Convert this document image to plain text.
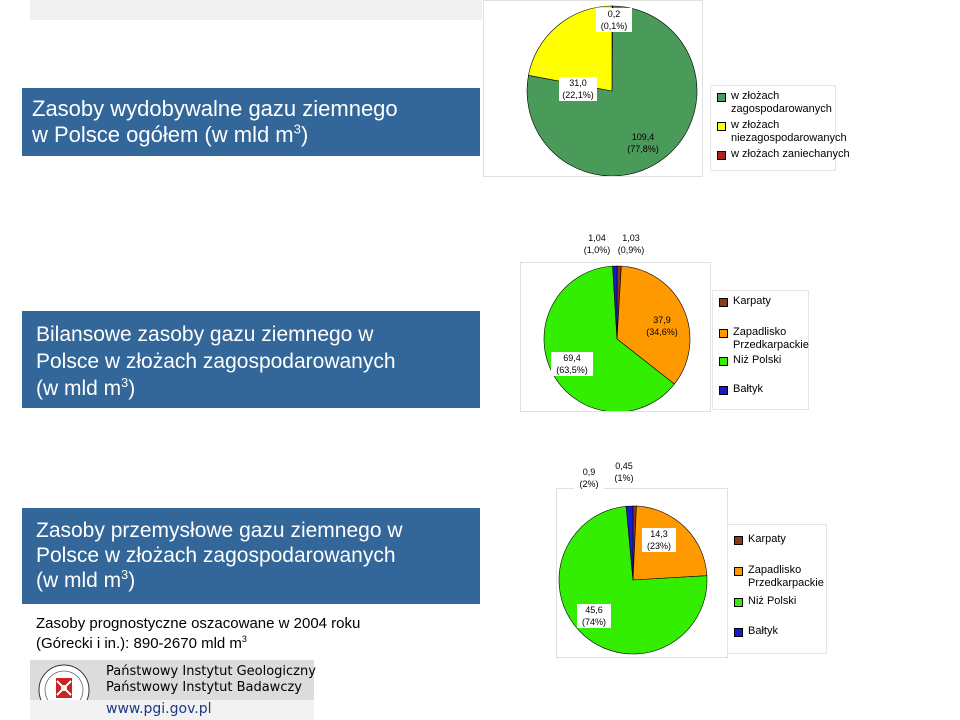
Zasoby wydobywalne gazu ziemnego
w Polsce ogółem (w mld $m^3$)
Bilansowe zasoby gazu ziemnego w
Polsce w złożach zagospodarowanych
(w mld $m^3$)
Zasoby przemysłowe gazu ziemnego w
Polsce w złożach zagospodarowanych
(w mld $m^3$)
Zasoby prognostyczne oszacowane w 2004 roku
(Górecki i in.): 890-2670 mld $m^3$
0,2
(0,1%)
31,0
(22,1%)
109,4
(77,8%)
w złożach zagospodarowanych
w złożach niezagospodarowanych
w złożach zaniechanych
1,04
(1,0%)
1,03
(0,9%)
37,9
(34,6%)
69,4
(63,5%)
Karpaty
Zapadlisko Przedkarpackie
Niż Polski
Bałtyk
0,9
(2%)
0,45
(1%)
14,3
(23%)
45,6
(74%)
Karpaty
Zapadlisko Przedkarpackie
Niż Polski
Bałtyk
Państwowy Instytut Geologiczny
Państwowy Instytut Badawczy
www.pgi.gov.pl
